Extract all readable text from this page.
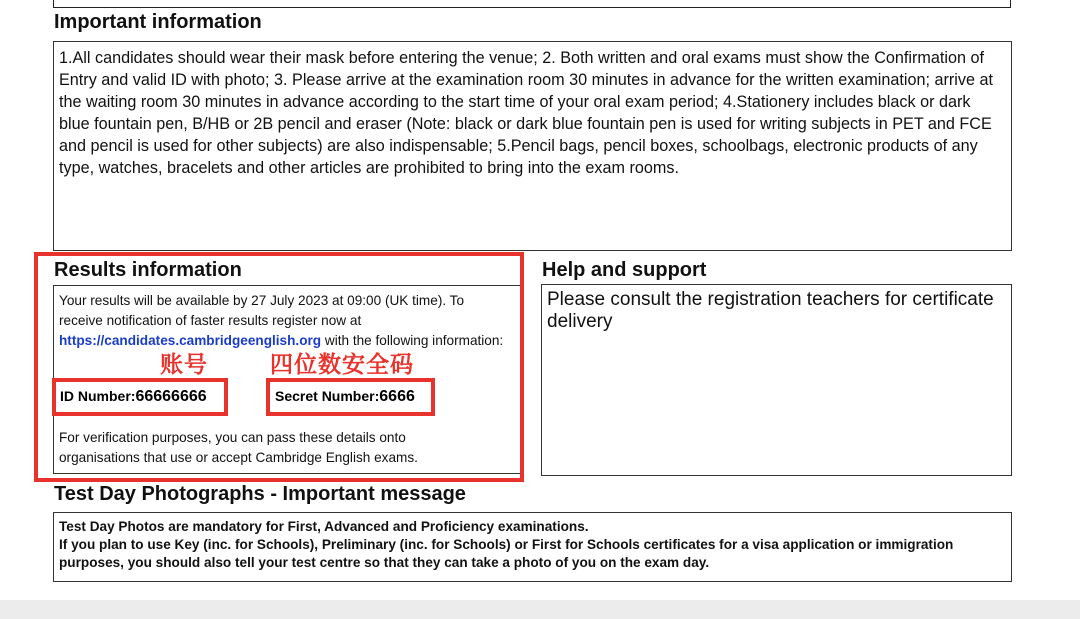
Important information
1.All candidates should wear their mask before entering the venue; 2. Both written and oral exams must show the Confirmation of Entry and valid ID with photo; 3. Please arrive at the examination room 30 minutes in advance for the written examination; arrive at the waiting room 30 minutes in advance according to the start time of your oral exam period; 4.Stationery includes black or dark blue fountain pen, B/HB or 2B pencil and eraser (Note: black or dark blue fountain pen is used for writing subjects in PET and FCE and pencil is used for other subjects) are also indispensable; 5.Pencil bags, pencil boxes, schoolbags, electronic products of any type, watches, bracelets and other articles are prohibited to bring into the exam rooms.
Results information
Your results will be available by 27 July 2023 at 09:00 (UK time). To receive notification of faster results register now at https://candidates.cambridgeenglish.org with the following information:
账号	四位数安全码
ID Number:66666666	Secret Number:6666
For verification purposes, you can pass these details onto organisations that use or accept Cambridge English exams.
Help and support
Please consult the registration teachers for certificate delivery
Test Day Photographs - Important message
Test Day Photos are mandatory for First, Advanced and Proficiency examinations.
If you plan to use Key (inc. for Schools), Preliminary (inc. for Schools) or First for Schools certificates for a visa application or immigration purposes, you should also tell your test centre so that they can take a photo of you on the exam day.
